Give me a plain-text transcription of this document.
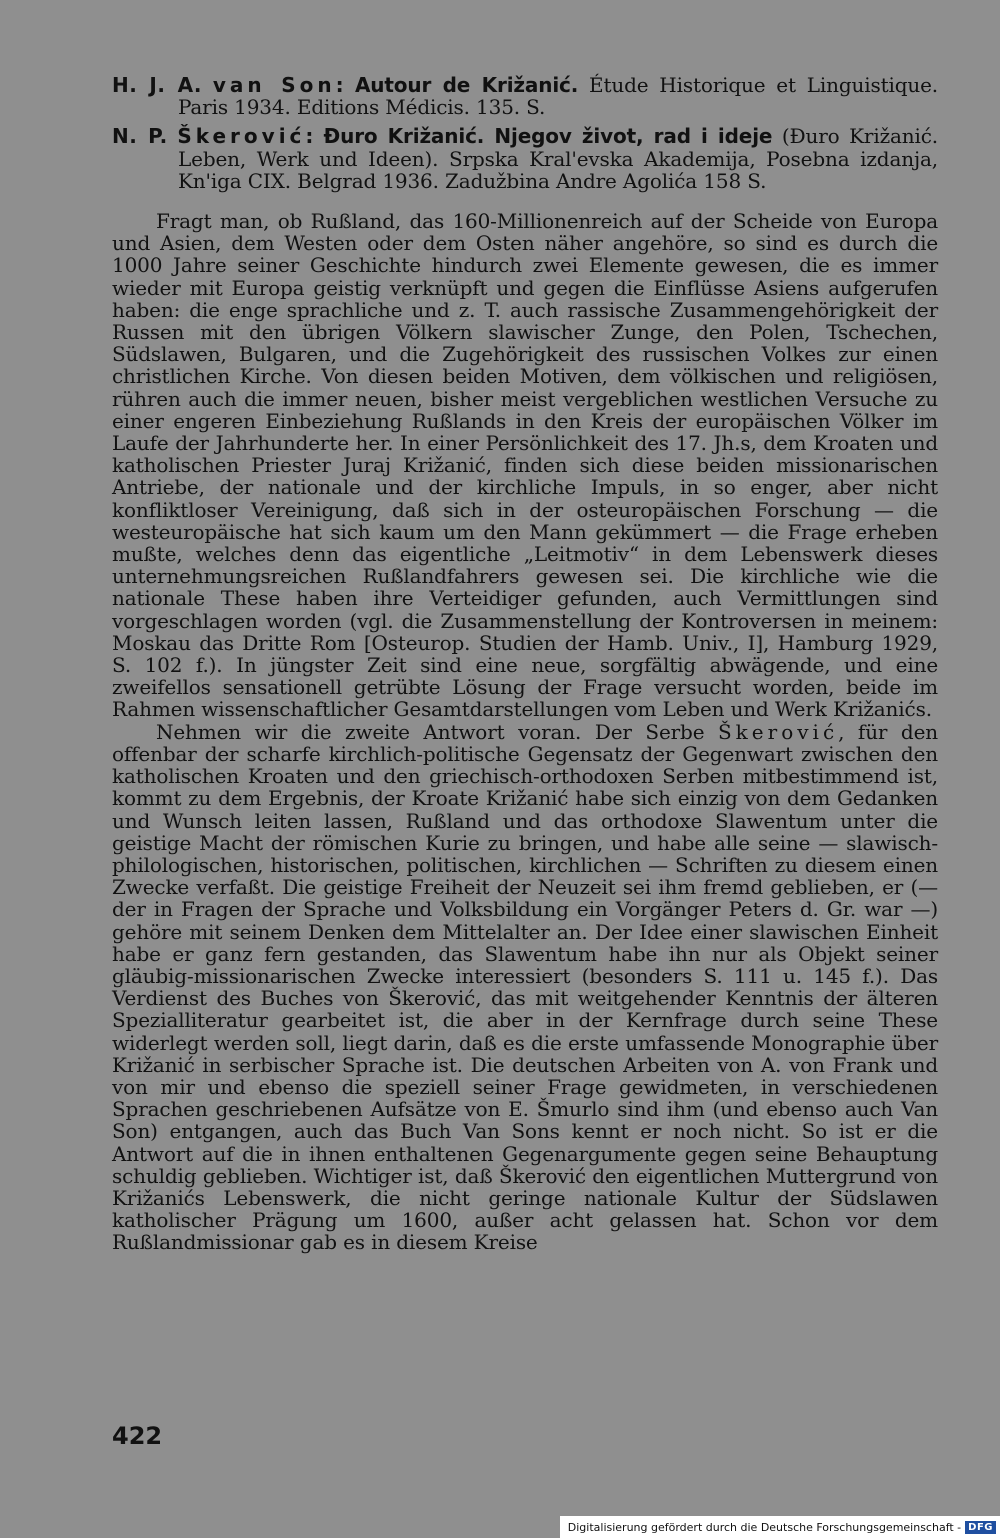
H. J. A. van Son: Autour de Križanić. Étude Historique et Linguistique. Paris 1934. Editions Médicis. 135. S.

N. P. Škerović: Đuro Križanić. Njegov život, rad i ideje (Đuro Križanić. Leben, Werk und Ideen). Srpska Kral'evska Akademija, Posebna izdanja, Kn'iga CIX. Belgrad 1936. Zadužbina Andre Agolića 158 S.

Fragt man, ob Rußland, das 160-Millionenreich auf der Scheide von Europa und Asien, dem Westen oder dem Osten näher angehöre, so sind es durch die 1000 Jahre seiner Geschichte hindurch zwei Elemente gewesen, die es immer wieder mit Europa geistig verknüpft und gegen die Einflüsse Asiens aufgerufen haben: die enge sprachliche und z. T. auch rassische Zusammengehörigkeit der Russen mit den übrigen Völkern slawischer Zunge, den Polen, Tschechen, Südslawen, Bulgaren, und die Zugehörigkeit des russischen Volkes zur einen christlichen Kirche. Von diesen beiden Motiven, dem völkischen und religiösen, rühren auch die immer neuen, bisher meist vergeblichen westlichen Versuche zu einer engeren Einbeziehung Rußlands in den Kreis der europäischen Völker im Laufe der Jahrhunderte her. In einer Persönlichkeit des 17. Jh.s, dem Kroaten und katholischen Priester Juraj Križanić, finden sich diese beiden missionarischen Antriebe, der nationale und der kirchliche Impuls, in so enger, aber nicht konfliktloser Vereinigung, daß sich in der osteuropäischen Forschung — die westeuropäische hat sich kaum um den Mann gekümmert — die Frage erheben mußte, welches denn das eigentliche „Leitmotiv“ in dem Lebenswerk dieses unternehmungsreichen Rußlandfahrers gewesen sei. Die kirchliche wie die nationale These haben ihre Verteidiger gefunden, auch Vermittlungen sind vorgeschlagen worden (vgl. die Zusammenstellung der Kontroversen in meinem: Moskau das Dritte Rom [Osteurop. Studien der Hamb. Univ., I], Hamburg 1929, S. 102 f.). In jüngster Zeit sind eine neue, sorgfältig abwägende, und eine zweifellos sensationell getrübte Lösung der Frage versucht worden, beide im Rahmen wissenschaftlicher Gesamtdarstellungen vom Leben und Werk Križanićs.

Nehmen wir die zweite Antwort voran. Der Serbe Škerović, für den offenbar der scharfe kirchlich-politische Gegensatz der Gegenwart zwischen den katholischen Kroaten und den griechisch-orthodoxen Serben mitbestimmend ist, kommt zu dem Ergebnis, der Kroate Križanić habe sich einzig von dem Gedanken und Wunsch leiten lassen, Rußland und das orthodoxe Slawentum unter die geistige Macht der römischen Kurie zu bringen, und habe alle seine — slawisch-philologischen, historischen, politischen, kirchlichen — Schriften zu diesem einen Zwecke verfaßt. Die geistige Freiheit der Neuzeit sei ihm fremd geblieben, er (— der in Fragen der Sprache und Volksbildung ein Vorgänger Peters d. Gr. war —) gehöre mit seinem Denken dem Mittelalter an. Der Idee einer slawischen Einheit habe er ganz fern gestanden, das Slawentum habe ihn nur als Objekt seiner gläubig-missionarischen Zwecke interessiert (besonders S. 111 u. 145 f.). Das Verdienst des Buches von Škerović, das mit weitgehender Kenntnis der älteren Spezialliteratur gearbeitet ist, die aber in der Kernfrage durch seine These widerlegt werden soll, liegt darin, daß es die erste umfassende Monographie über Križanić in serbischer Sprache ist. Die deutschen Arbeiten von A. von Frank und von mir und ebenso die speziell seiner Frage gewidmeten, in verschiedenen Sprachen geschriebenen Aufsätze von E. Šmurlo sind ihm (und ebenso auch Van Son) entgangen, auch das Buch Van Sons kennt er noch nicht. So ist er die Antwort auf die in ihnen enthaltenen Gegenargumente gegen seine Behauptung schuldig geblieben. Wichtiger ist, daß Škerović den eigentlichen Muttergrund von Križanićs Lebenswerk, die nicht geringe nationale Kultur der Südslawen katholischer Prägung um 1600, außer acht gelassen hat. Schon vor dem Rußlandmissionar gab es in diesem Kreise

422
Digitalisierung gefördert durch die Deutsche Forschungsgemeinschaft - DFG
